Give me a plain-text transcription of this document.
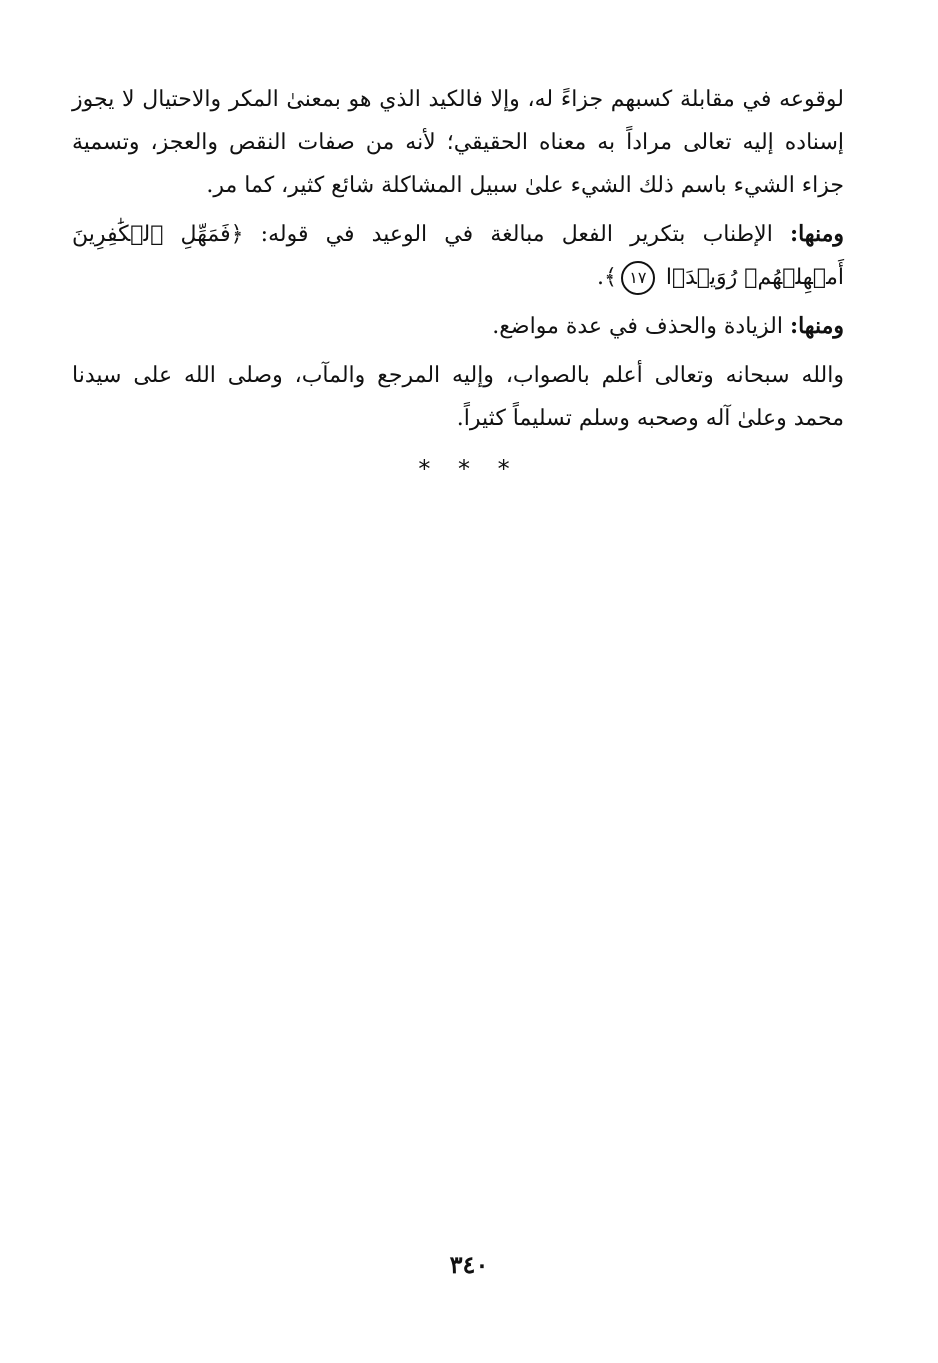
لوقوعه في مقابلة كسبهم جزاءً له، وإلا فالكيد الذي هو بمعنىٰ المكر والاحتيال لا يجوز إسناده إليه تعالى مراداً به معناه الحقيقي؛ لأنه من صفات النقص والعجز، وتسمية جزاء الشيء باسم ذلك الشيء علىٰ سبيل المشاكلة شائع كثير، كما مر.

ومنها: الإطناب بتكرير الفعل مبالغة في الوعيد في قوله: ﴿فَمَهِّلِ ٱلۡكَٰفِرِينَ أَمۡهِلۡهُمۡ رُوَيۡدَۢا ١٧﴾.

ومنها: الزيادة والحذف في عدة مواضع.

والله سبحانه وتعالى أعلم بالصواب، وإليه المرجع والمآب، وصلى الله على سيدنا محمد وعلىٰ آله وصحبه وسلم تسليماً كثيراً.

* * *
٣٤٠
